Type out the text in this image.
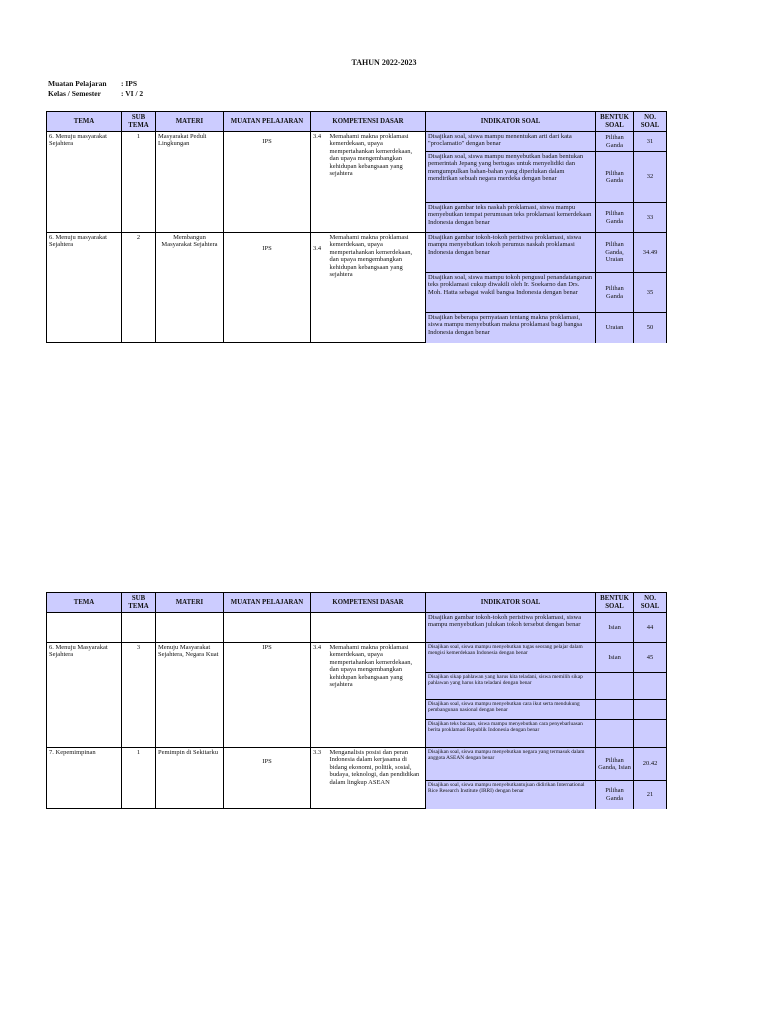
TAHUN 2022-2023
Muatan Pelajaran : IPS
Kelas / Semester	: VI / 2
TEMA	SUB TEMA	MATERI	MUATAN PELAJARAN	KOMPETENSI DASAR		INDIKATOR SOAL	BENTUK SOAL	NO. SOAL
6. Menuju masyarakat Sejahtera	1	Masyarakat Peduli Lingkungan	IPS	3.4	Memahami makna proklamasi kemerdekaan, upaya mempertahankan kemerdekaan, dan upaya mengembangkan kehidupan kebangsaan yang sejahtera	Disajikan soal, siswa mampu menentukan arti dari kata "proclamatio" dengan benar	Pilihan Ganda	31
						Disajikan soal, siswa mampu menyebutkan badan bentukan pemerintah Jepang yang bertugas untuk menyelidiki dan mengumpulkan bahan-bahan yang diperlukan dalam mendirikan sebuah negara merdeka dengan benar	Pilihan Ganda	32
						Disajikan gambar teks naskah proklamasi, siswa mampu menyebutkan tempat perumusan teks proklamasi kemerdekaan Indonesia dengan benar	Pilihan Ganda	33
6. Menuju masyarakat Sejahtera	2	Membangun Masyarakat Sejahtera	IPS	3.4	Memahami makna proklamasi kemerdekaan, upaya mempertahankan kemerdekaan, dan upaya mengembangkan kehidupan kebangsaan yang sejahtera	Disajikan gambar tokoh-tokoh peristiwa proklamasi, siswa mampu menyebutkan tokoh perumus naskah proklamasi Indonesia dengan benar	Pilihan Ganda, Uraian	34.49
						Disajikan soal, siswa mampu tokoh pengusul penandatanganan teks proklamasi cukup diwakili oleh Ir. Soekarno dan Drs. Moh. Hatta sebagai wakil bangsa Indonesia dengan benar	Pilihan Ganda	35
						Disajikan beberapa pernyataan tentang makna proklamasi, siswa mampu menyebutkan makna proklamasi bagi bangsa Indonesia dengan benar	Uraian	50
TEMA	SUB TEMA	MATERI	MUATAN PELAJARAN	KOMPETENSI DASAR		INDIKATOR SOAL	BENTUK SOAL	NO. SOAL
						Disajikan gambar tokoh-tokoh peristiwa proklamasi, siswa mampu menyebutkan julukan tokoh tersebut dengan benar	Isian	44
6. Menuju Masyarakat Sejahtera	3	Menuju Masyarakat Sejahtera, Negara Kuat	IPS	3.4	Memahami makna proklamasi kemerdekaan, upaya mempertahankan kemerdekaan, dan upaya mengembangkan kehidupan kebangsaan yang sejahtera	Disajikan soal, siswa mampu menyebutkan tugas seorang pelajar dalam mengisi kemerdekaan Indonesia dengan benar	Isian	45
						Disajikan sikap pahlawan yang harus kita teladani, siswa memilih sikap pahlawan yang harus kita teladani dengan benar		
						Disajikan soal, siswa mampu menyebutkan cara ikut serta mendukung pembangunan nasional dengan benar		
						Disajikan teks bacaan, siswa mampu menyebutkan cara penyebarluasan berita proklamasi Republik Indonesia dengan benar		
7. Kepemimpinan	1	Pemimpin di Sekitarku	IPS	3.3	Menganalisis posisi dan peran Indonesia dalam kerjasama di bidang ekonomi, politik, sosial, budaya, teknologi, dan pendidikan dalam lingkup ASEAN	Disajikan soal, siswa mampu menyebutkan negara yang termasuk dalam anggota ASEAN dengan benar	Pilihan Ganda, Isian	20.42
						Disajikan soal, siswa mampu menyebutkantujuan didirikan International Rice Research Institute (IRRI) dengan benar	Pilihan Ganda	21
